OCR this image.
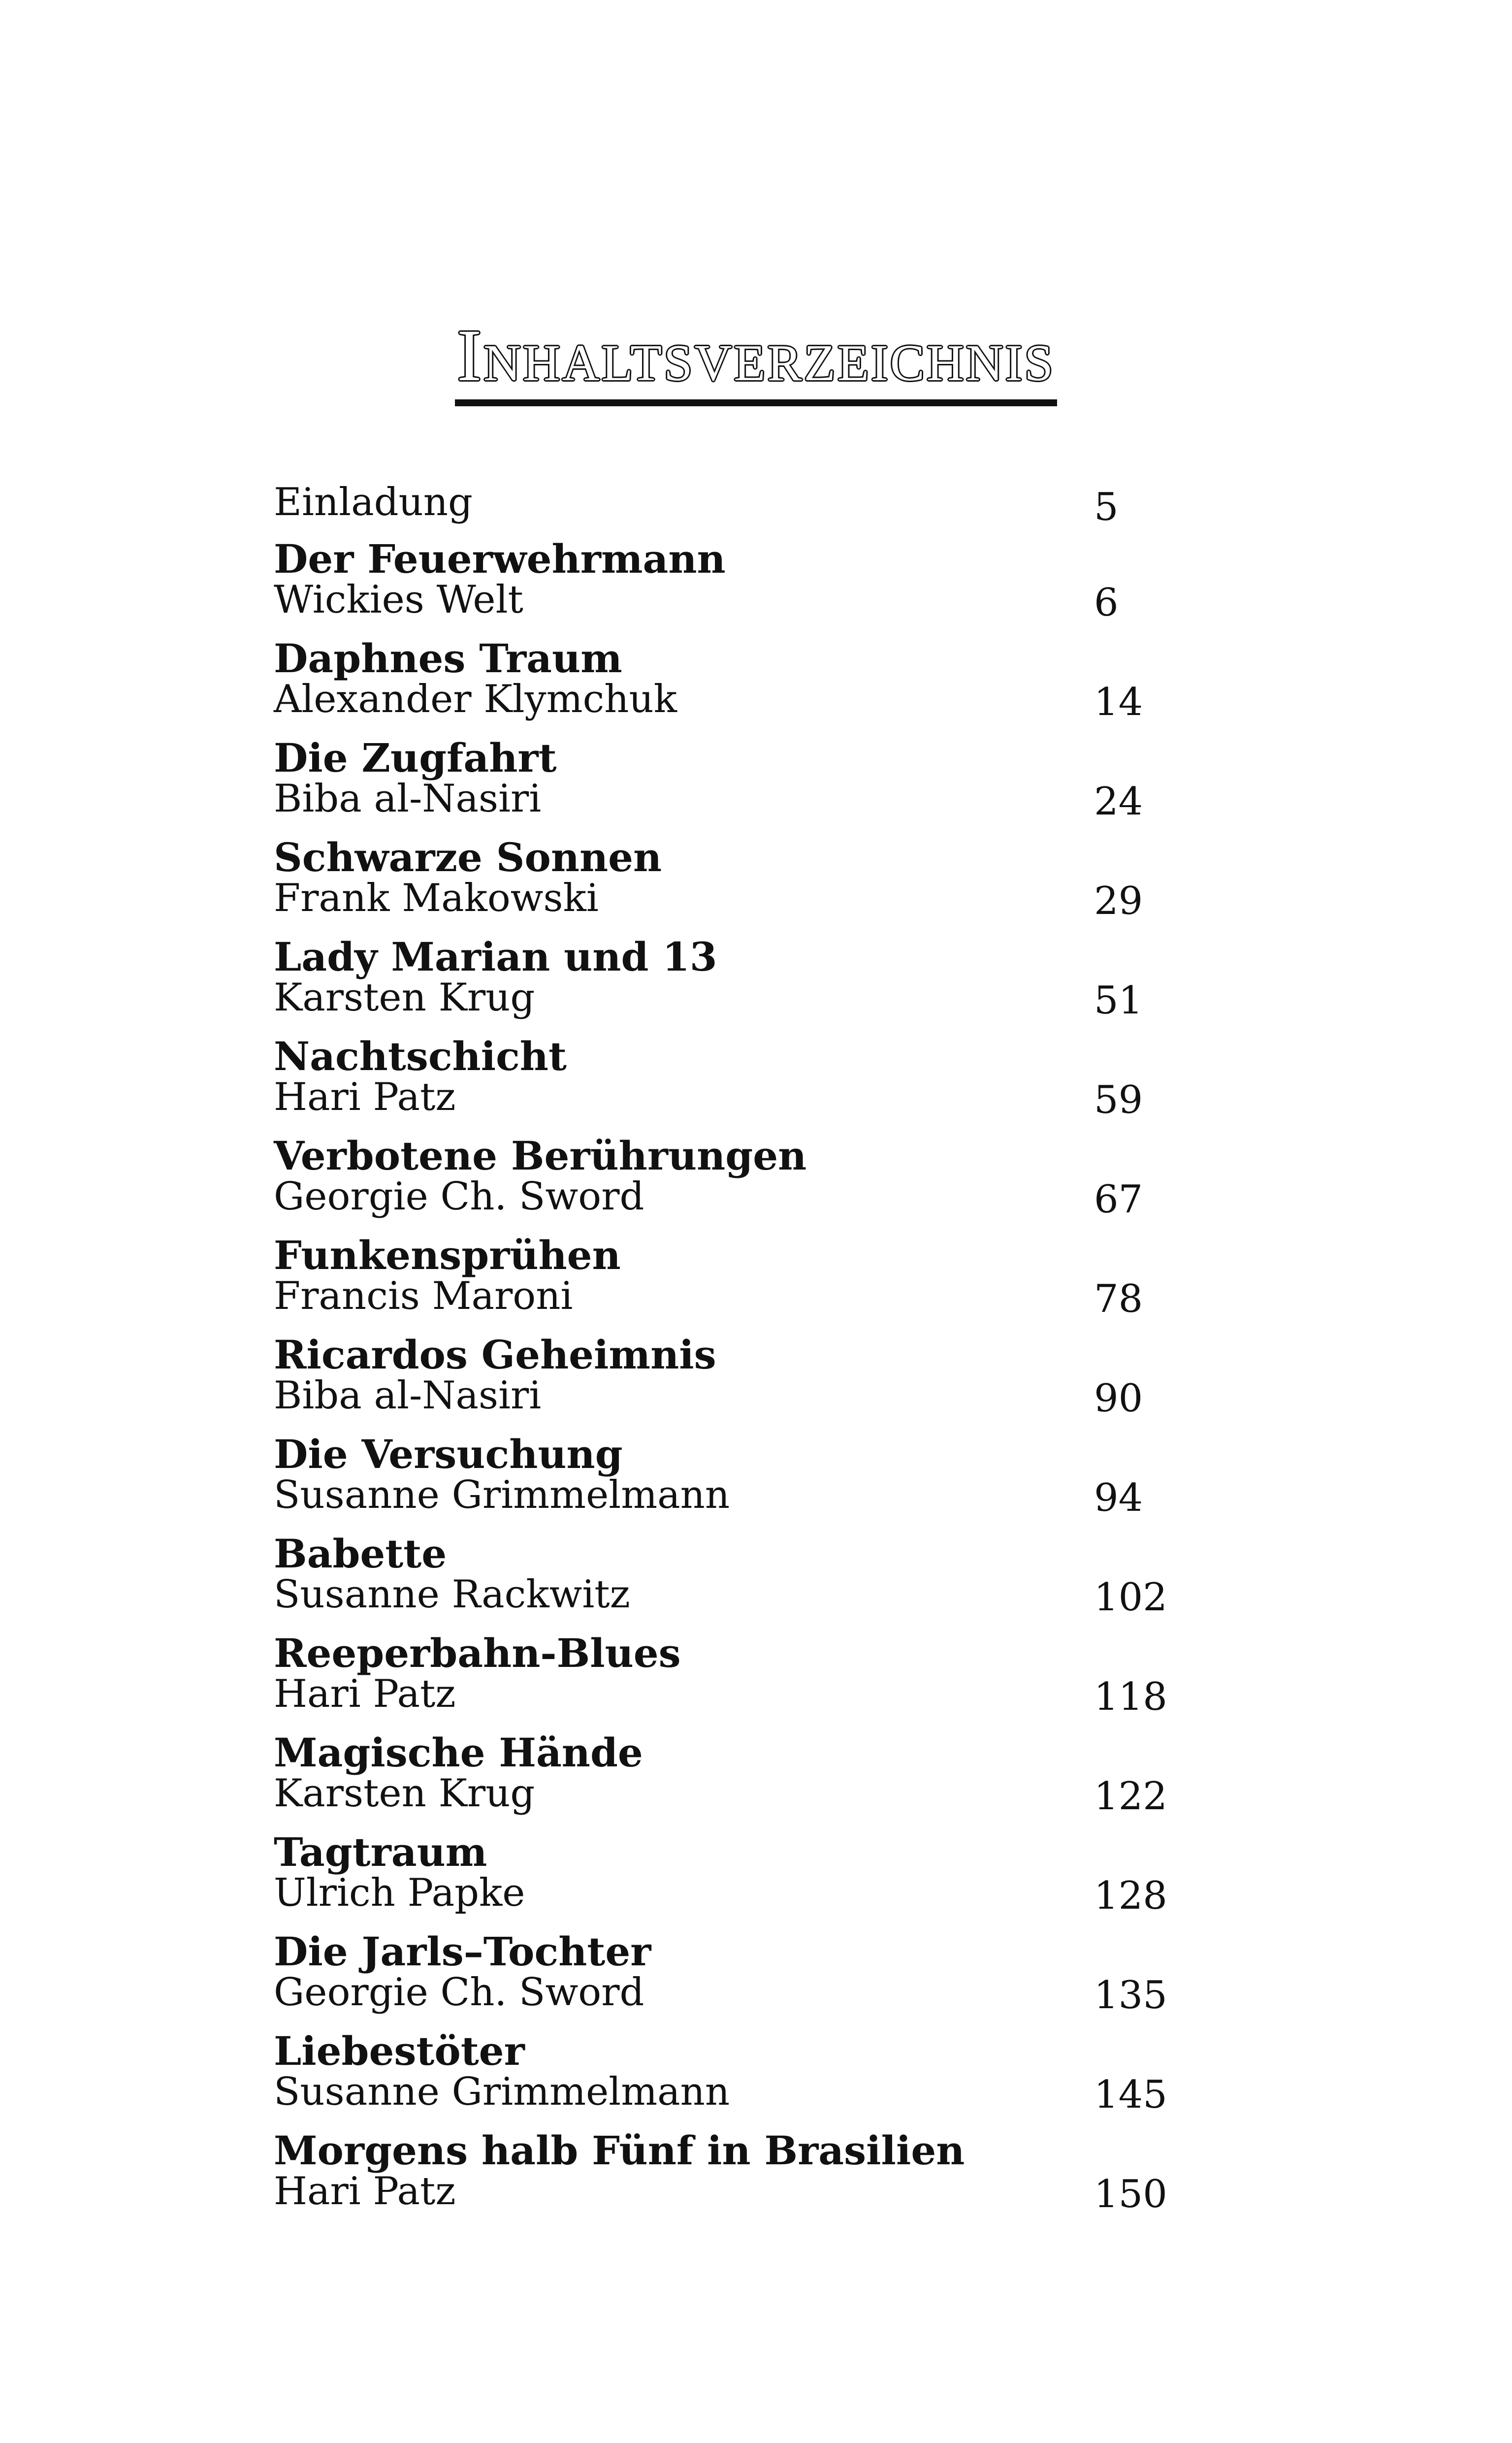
Inhaltsverzeichnis
Einladung	5
Der Feuerwehrmann
Wickies Welt	6
Daphnes Traum
Alexander Klymchuk	14
Die Zugfahrt
Biba al-Nasiri	24
Schwarze Sonnen
Frank Makowski	29
Lady Marian und 13
Karsten Krug	51
Nachtschicht
Hari Patz	59
Verbotene Berührungen
Georgie Ch. Sword	67
Funkensprühen
Francis Maroni	78
Ricardos Geheimnis
Biba al-Nasiri	90
Die Versuchung
Susanne Grimmelmann	94
Babette
Susanne Rackwitz	102
Reeperbahn-Blues
Hari Patz	118
Magische Hände
Karsten Krug	122
Tagtraum
Ulrich Papke	128
Die Jarls–Tochter
Georgie Ch. Sword	135
Liebestöter
Susanne Grimmelmann	145
Morgens halb Fünf in Brasilien
Hari Patz	150
